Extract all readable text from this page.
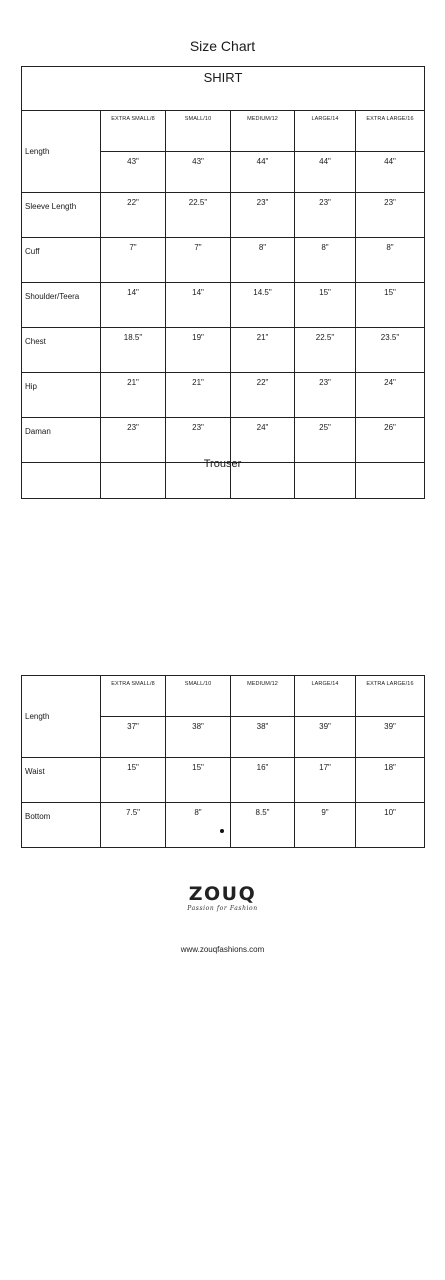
Size Chart
SHIRT					
Length	EXTRA SMALL/8	SMALL/10	MEDIUM/12	LARGE/14	EXTRA LARGE/16
	43"	43"	44"	44"	44"
Sleeve Length	22"	22.5"	23"	23"	23"
Cuff	7"	7"	8"	8"	8"
Shoulder/Teera	14"	14"	14.5"	15"	15"
Chest	18.5"	19"	21"	22.5"	23.5"
Hip	21"	21"	22"	23"	24"
Daman	23"	23"	24"	25"	26"

Trouser
Length	EXTRA SMALL/8	SMALL/10	MEDIUM/12	LARGE/14	EXTRA LARGE/16
	37"	38"	38"	39"	39"
Waist	15"	15"	16"	17"	18"
Bottom	7.5"	8"	8.5"	9"	10"
ZOUQ
Passion for Fashion
www.zouqfashions.com
